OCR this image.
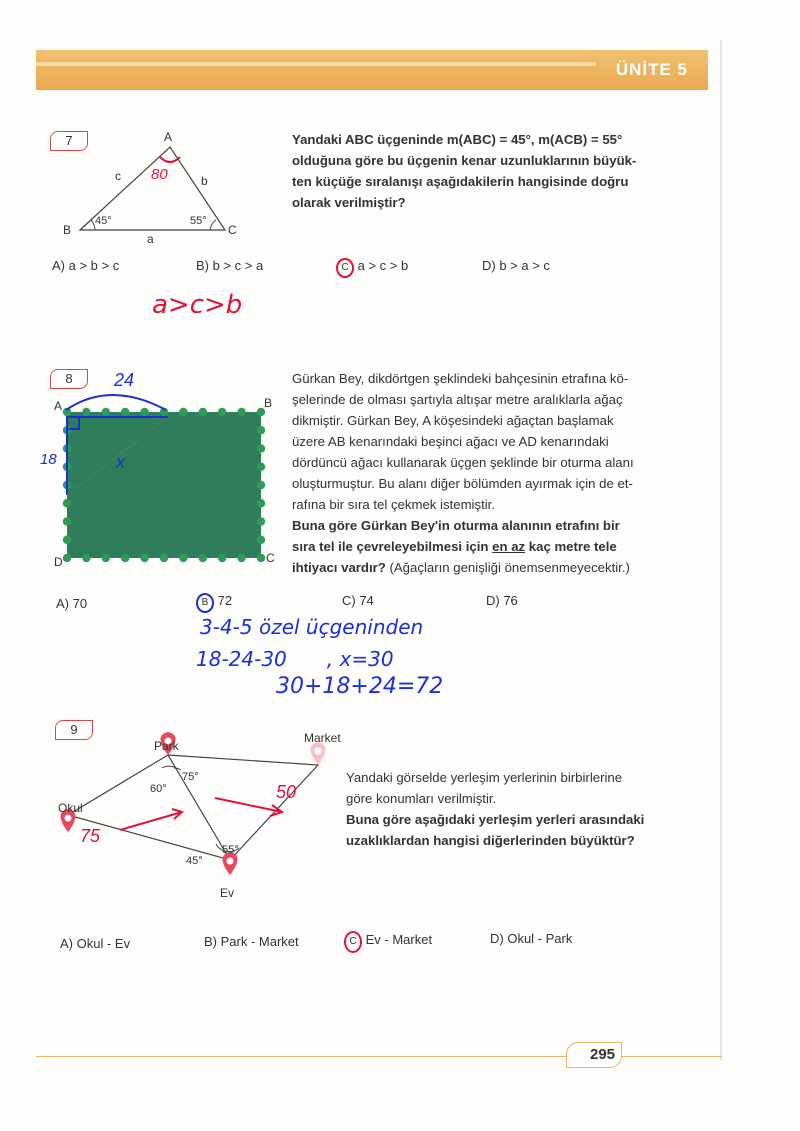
ÜNİTE 5
7	A
B	C
c	b
a
45°	55°
80
Yandaki ABC üçgeninde m(ABC) = 45°, m(ACB) = 55°
olduğuna göre bu üçgenin kenar uzunluklarının büyük-
ten küçüğe sıralanışı aşağıdakilerin hangisinde doğru
olarak verilmiştir?
A) a > b > c	B) b > c > a	C a > c > b	D) b > a > c
a>c>b
8	24
18	x
A	B
C
D
Gürkan Bey, dikdörtgen şeklindeki bahçesinin etrafına kö-
şelerinde de olması şartıyla altışar metre aralıklarla ağaç
dikmiştir. Gürkan Bey, A köşesindeki ağaçtan başlamak
üzere AB kenarındaki beşinci ağacı ve AD kenarındaki
dördüncü ağacı kullanarak üçgen şeklinde bir oturma alanı
oluşturmuştur. Bu alanı diğer bölümden ayırmak için de et-
rafına bir sıra tel çekmek istemiştir.
Buna göre Gürkan Bey'in oturma alanının etrafını bir
sıra tel ile çevreleyebilmesi için en az kaç metre tele
ihtiyacı vardır? (Ağaçların genişliği önemsenmeyecektir.)
A) 70	B 72	C) 74	D) 76
3-4-5 özel üçgeninden
18-24-30 , x=30
30+18+24=72
9
Park
Market
Okul
Ev
75°
60°
55°
45°
50
75
Yandaki görselde yerleşim yerlerinin birbirlerine
göre konumları verilmiştir.
Buna göre aşağıdaki yerleşim yerleri arasındaki
uzaklıklardan hangisi diğerlerinden büyüktür?
A) Okul - Ev	B) Park - Market	C Ev - Market	D) Okul - Park
295
